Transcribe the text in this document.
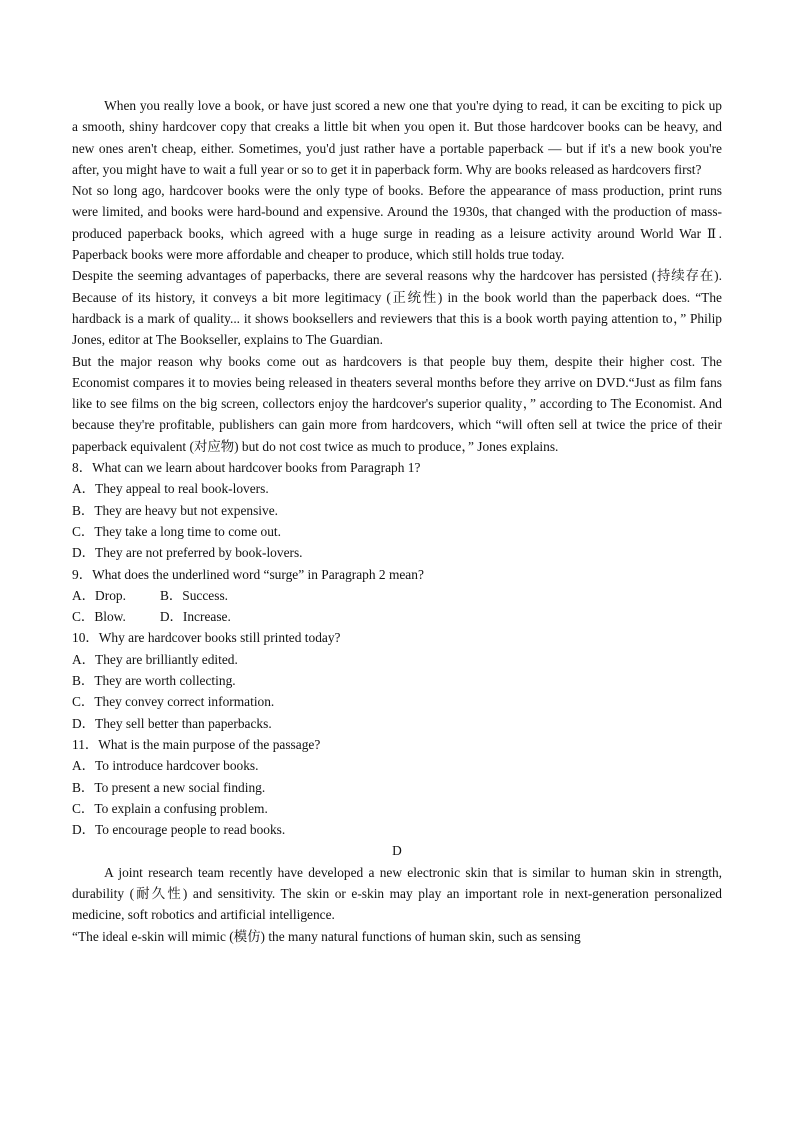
When you really love a book, or have just scored a new one that you're dying to read, it can be exciting to pick up a smooth, shiny hardcover copy that creaks a little bit when you open it. But those hardcover books can be heavy, and new ones aren't cheap, either. Sometimes, you'd just rather have a portable paperback — but if it's a new book you're after, you might have to wait a full year or so to get it in paperback form. Why are books released as hardcovers first?

Not so long ago, hardcover books were the only type of books. Before the appearance of mass production, print runs were limited, and books were hard-bound and expensive. Around the 1930s, that changed with the production of mass-produced paperback books, which agreed with a huge surge in reading as a leisure activity around World War Ⅱ. Paperback books were more affordable and cheaper to produce, which still holds true today.

Despite the seeming advantages of paperbacks, there are several reasons why the hardcover has persisted (持续存在). Because of its history, it conveys a bit more legitimacy (正统性) in the book world than the paperback does. “The hardback is a mark of quality... it shows booksellers and reviewers that this is a book worth paying attention to，” Philip Jones, editor at The Bookseller, explains to The Guardian.

But the major reason why books come out as hardcovers is that people buy them, despite their higher cost. The Economist compares it to movies being released in theaters several months before they arrive on DVD.“Just as film fans like to see films on the big screen, collectors enjoy the hardcover's superior quality，” according to The Economist. And because they're profitable, publishers can gain more from hardcovers, which “will often sell at twice the price of their paperback equivalent (对应物) but do not cost twice as much to produce，” Jones explains.

8．What can we learn about hardcover books from Paragraph 1?

A．They appeal to real book-lovers.

B．They are heavy but not expensive.

C．They take a long time to come out.

D．They are not preferred by book-lovers.

9．What does the underlined word “surge” in Paragraph 2 mean?

A．Drop.	B．Success.

C．Blow.	D．Increase.

10．Why are hardcover books still printed today?

A．They are brilliantly edited.

B．They are worth collecting.

C．They convey correct information.

D．They sell better than paperbacks.

11．What is the main purpose of the passage?

A．To introduce hardcover books.

B．To present a new social finding.

C．To explain a confusing problem.

D．To encourage people to read books.

D

A joint research team recently have developed a new electronic skin that is similar to human skin in strength, durability (耐久性) and sensitivity. The skin or e-skin may play an important role in next-generation personalized medicine, soft robotics and artificial intelligence.

“The ideal e-skin will mimic (模仿) the many natural functions of human skin, such as sensing
